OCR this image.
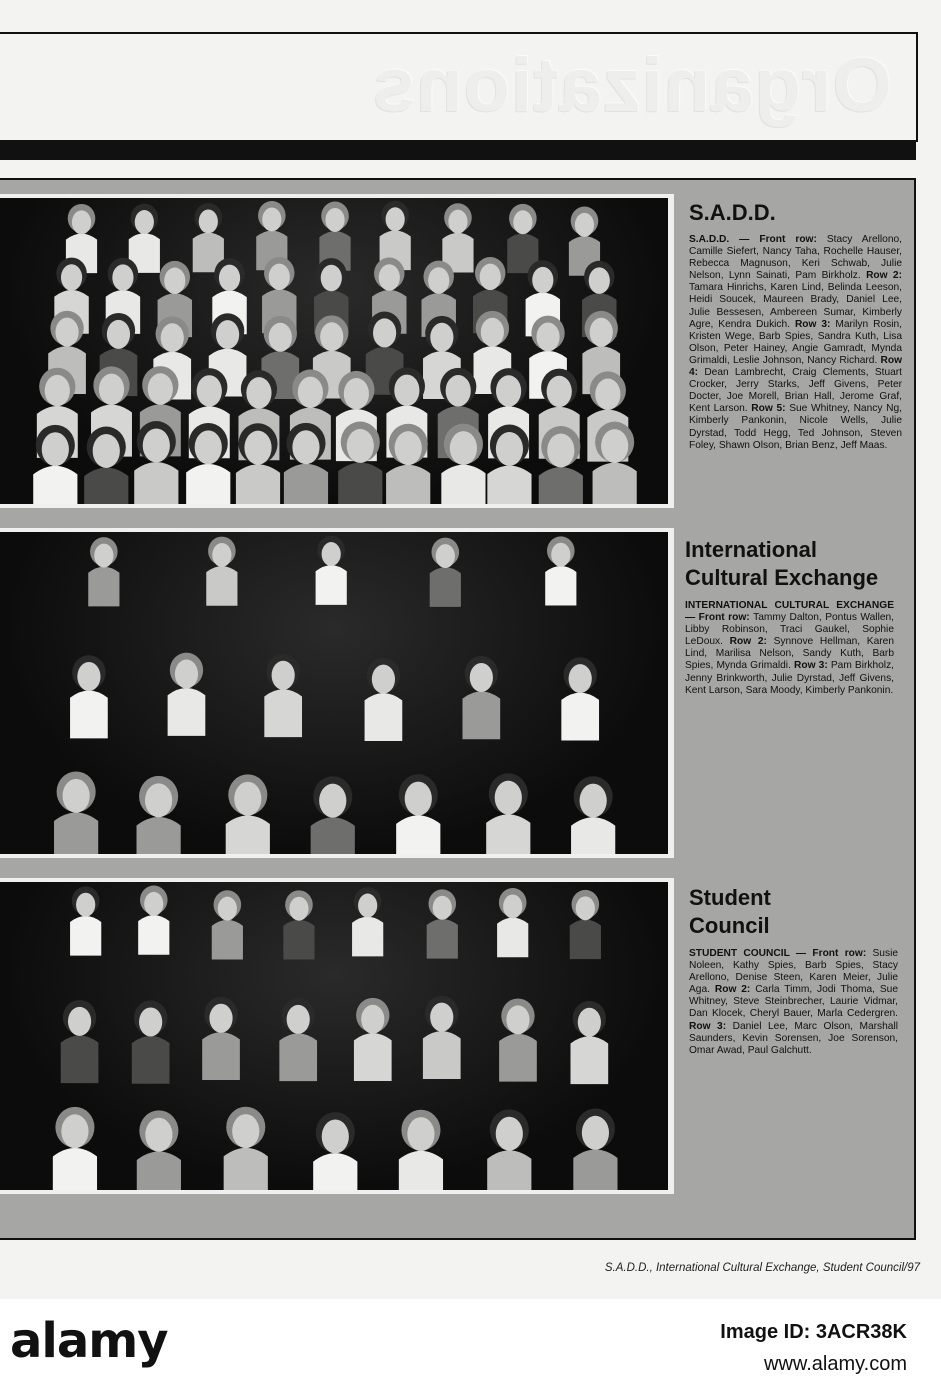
Organizations
S.A.D.D.
S.A.D.D. — Front row: Stacy Arellono, Camille Siefert, Nancy Taha, Rochelle Hauser, Rebecca Magnuson, Keri Schwab, Julie Nelson, Lynn Sainati, Pam Birkholz. Row 2: Tamara Hinrichs, Karen Lind, Belinda Leeson, Heidi Soucek, Maureen Brady, Daniel Lee, Julie Bessesen, Ambereen Sumar, Kimberly Agre, Kendra Dukich. Row 3: Marilyn Rosin, Kristen Wege, Barb Spies, Sandra Kuth, Lisa Olson, Peter Hainey, Angie Gamradt, Mynda Grimaldi, Leslie Johnson, Nancy Richard. Row 4: Dean Lambrecht, Craig Clements, Stuart Crocker, Jerry Starks, Jeff Givens, Peter Docter, Joe Morell, Brian Hall, Jerome Graf, Kent Larson. Row 5: Sue Whitney, Nancy Ng, Kimberly Pankonin, Nicole Wells, Julie Dyrstad, Todd Hegg, Ted Johnson, Steven Foley, Shawn Olson, Brian Benz, Jeff Maas.
International Cultural Exchange
INTERNATIONAL CULTURAL EXCHANGE — Front row: Tammy Dalton, Pontus Wallen, Libby Robinson, Traci Gaukel, Sophie LeDoux. Row 2: Synnove Hellman, Karen Lind, Marilisa Nelson, Sandy Kuth, Barb Spies, Mynda Grimaldi. Row 3: Pam Birkholz, Jenny Brinkworth, Julie Dyrstad, Jeff Givens, Kent Larson, Sara Moody, Kimberly Pankonin.
Student Council
STUDENT COUNCIL — Front row: Susie Noleen, Kathy Spies, Barb Spies, Stacy Arellono, Denise Steen, Karen Meier, Julie Aga. Row 2: Carla Timm, Jodi Thoma, Sue Whitney, Steve Steinbrecher, Laurie Vidmar, Dan Klocek, Cheryl Bauer, Marla Cedergren. Row 3: Daniel Lee, Marc Olson, Marshall Saunders, Kevin Sorensen, Joe Sorenson, Omar Awad, Paul Galchutt.
S.A.D.D., International Cultural Exchange, Student Council/97
alamy	Image ID: 3ACR38K
www.alamy.com
